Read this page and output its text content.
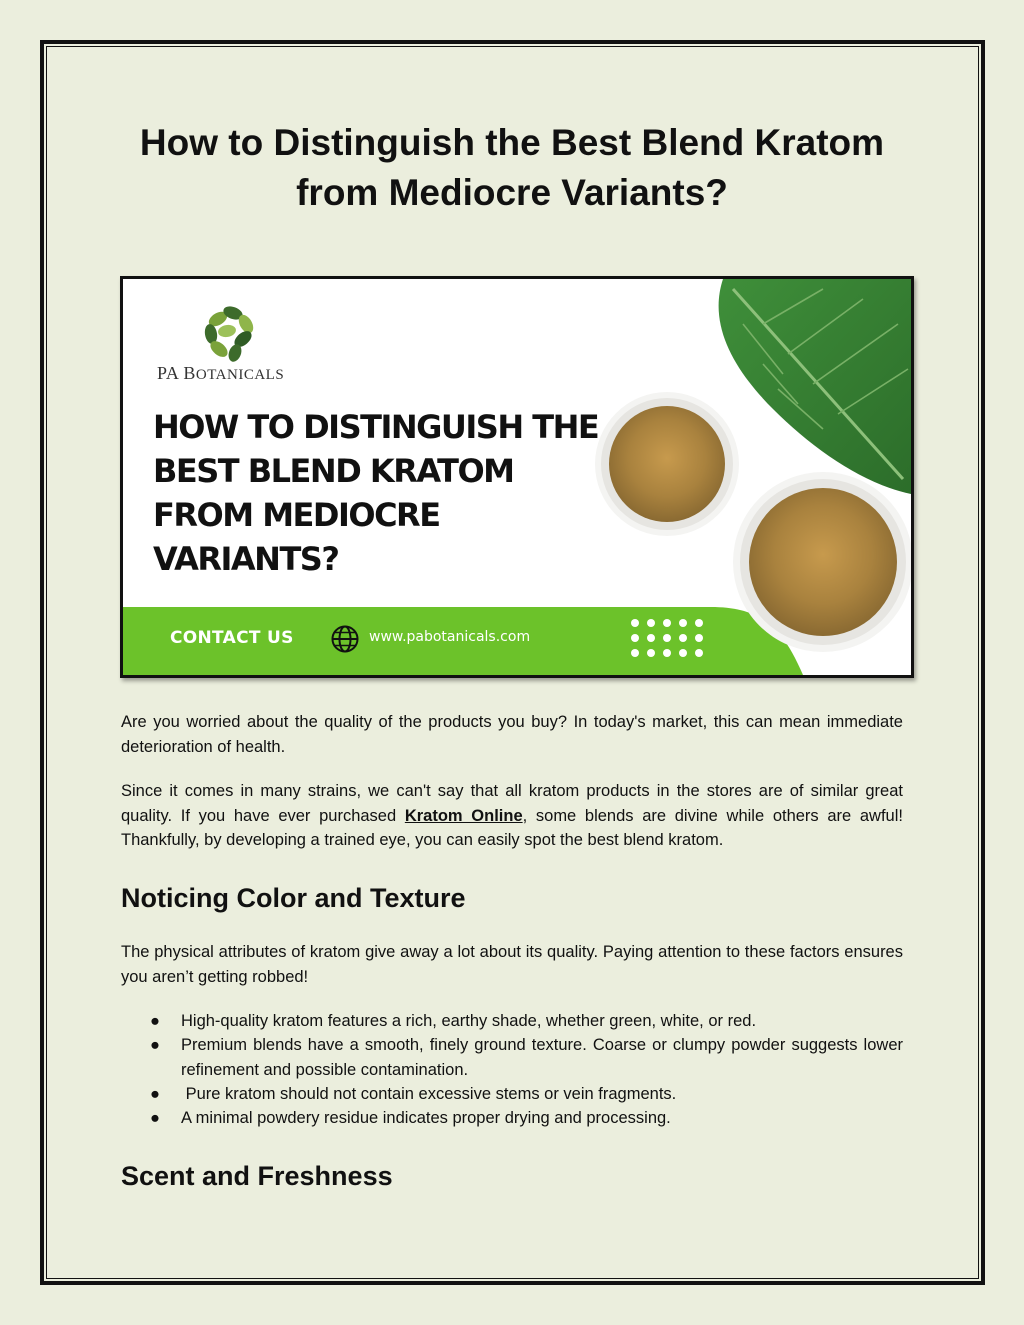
How to Distinguish the Best Blend Kratom
from Mediocre Variants?
PA BOTANICALS
HOW TO DISTINGUISH THE
BEST BLEND KRATOM
FROM MEDIOCRE
VARIANTS?
CONTACT US	www.pabotanicals.com

Are you worried about the quality of the products you buy? In today's market, this can mean immediate deterioration of health.

Since it comes in many strains, we can't say that all kratom products in the stores are of similar great quality. If you have ever purchased Kratom Online, some blends are divine while others are awful! Thankfully, by developing a trained eye, you can easily spot the best blend kratom.

Noticing Color and Texture

The physical attributes of kratom give away a lot about its quality. Paying attention to these factors ensures you aren’t getting robbed!

● High-quality kratom features a rich, earthy shade, whether green, white, or red.
● Premium blends have a smooth, finely ground texture. Coarse or clumpy powder suggests lower refinement and possible contamination.
● Pure kratom should not contain excessive stems or vein fragments.
● A minimal powdery residue indicates proper drying and processing.
Scent and Freshness
